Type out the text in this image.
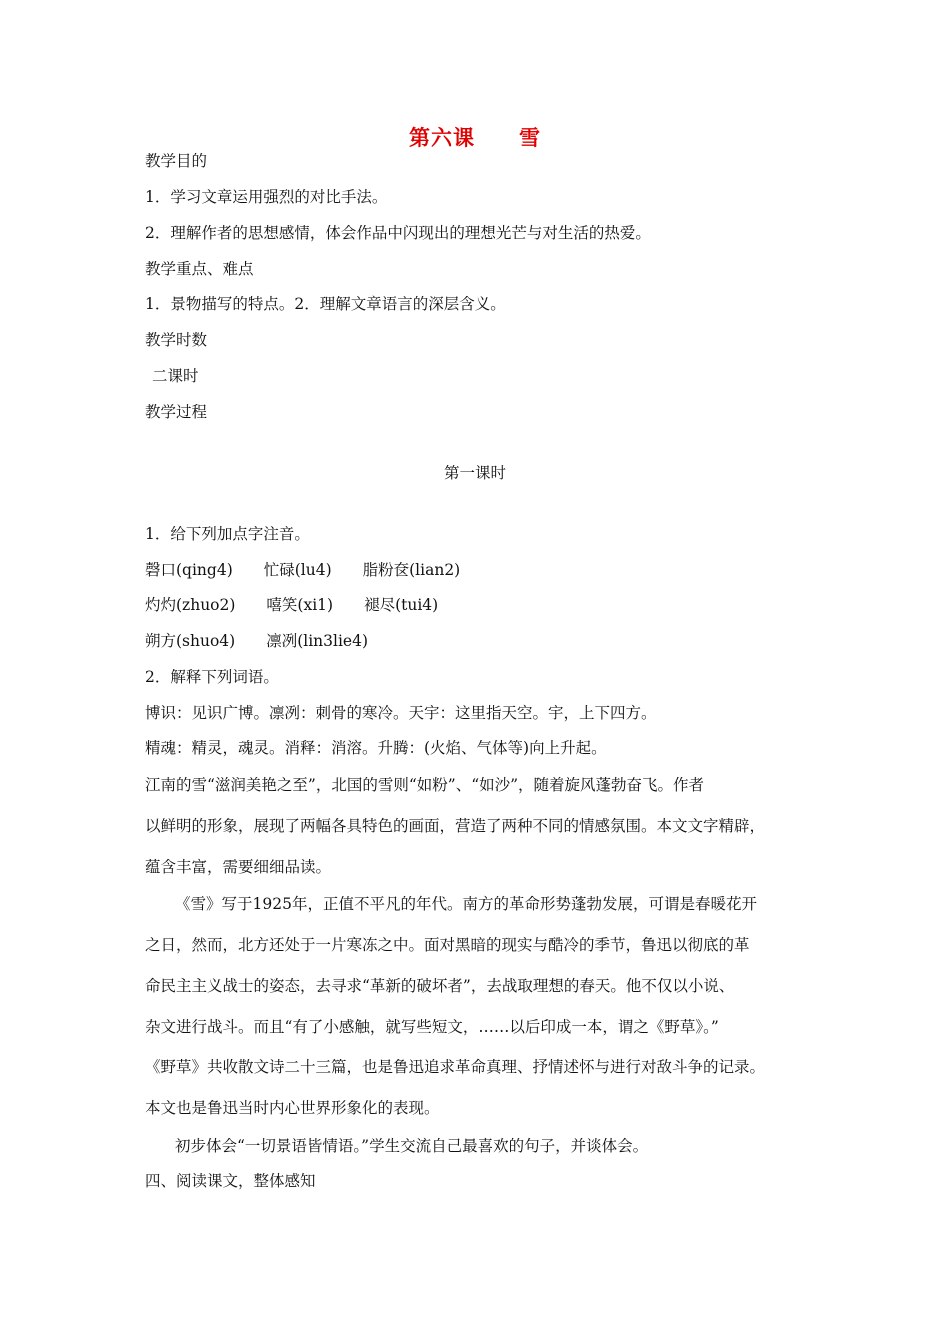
第六课　　雪
教学目的
1．学习文章运用强烈的对比手法。
2．理解作者的思想感情，体会作品中闪现出的理想光芒与对生活的热爱。
教学重点、难点
1．景物描写的特点。2．理解文章语言的深层含义。
教学时数
二课时
教学过程
第一课时
1．给下列加点字注音。
磬口(qing4)　　忙碌(lu4)　　脂粉奁(lian2)
灼灼(zhuo2)　　嘻笑(xi1)　　褪尽(tui4)
朔方(shuo4)　　凛冽(lin3lie4)
2．解释下列词语。
博识：见识广博。凛冽：刺骨的寒冷。天宇：这里指天空。宇，上下四方。
精魂：精灵，魂灵。消释：消溶。升腾：(火焰、气体等)向上升起。
江南的雪“滋润美艳之至”，北国的雪则“如粉”、“如沙”，随着旋风蓬勃奋飞。作者
以鲜明的形象，展现了两幅各具特色的画面，营造了两种不同的情感氛围。本文文字精辟，
蕴含丰富，需要细细品读。
《雪》写于1925年，正值不平凡的年代。南方的革命形势蓬勃发展，可谓是春暖花开
之日，然而，北方还处于一片寒冻之中。面对黑暗的现实与酷冷的季节，鲁迅以彻底的革
命民主主义战士的姿态，去寻求“革新的破坏者”，去战取理想的春天。他不仅以小说、
杂文进行战斗。而且“有了小感触，就写些短文，……以后印成一本，谓之《野草》。”
《野草》共收散文诗二十三篇，也是鲁迅追求革命真理、抒情述怀与进行对敌斗争的记录。
本文也是鲁迅当时内心世界形象化的表现。
初步体会“一切景语皆情语。”学生交流自己最喜欢的句子，并谈体会。
四、阅读课文，整体感知
